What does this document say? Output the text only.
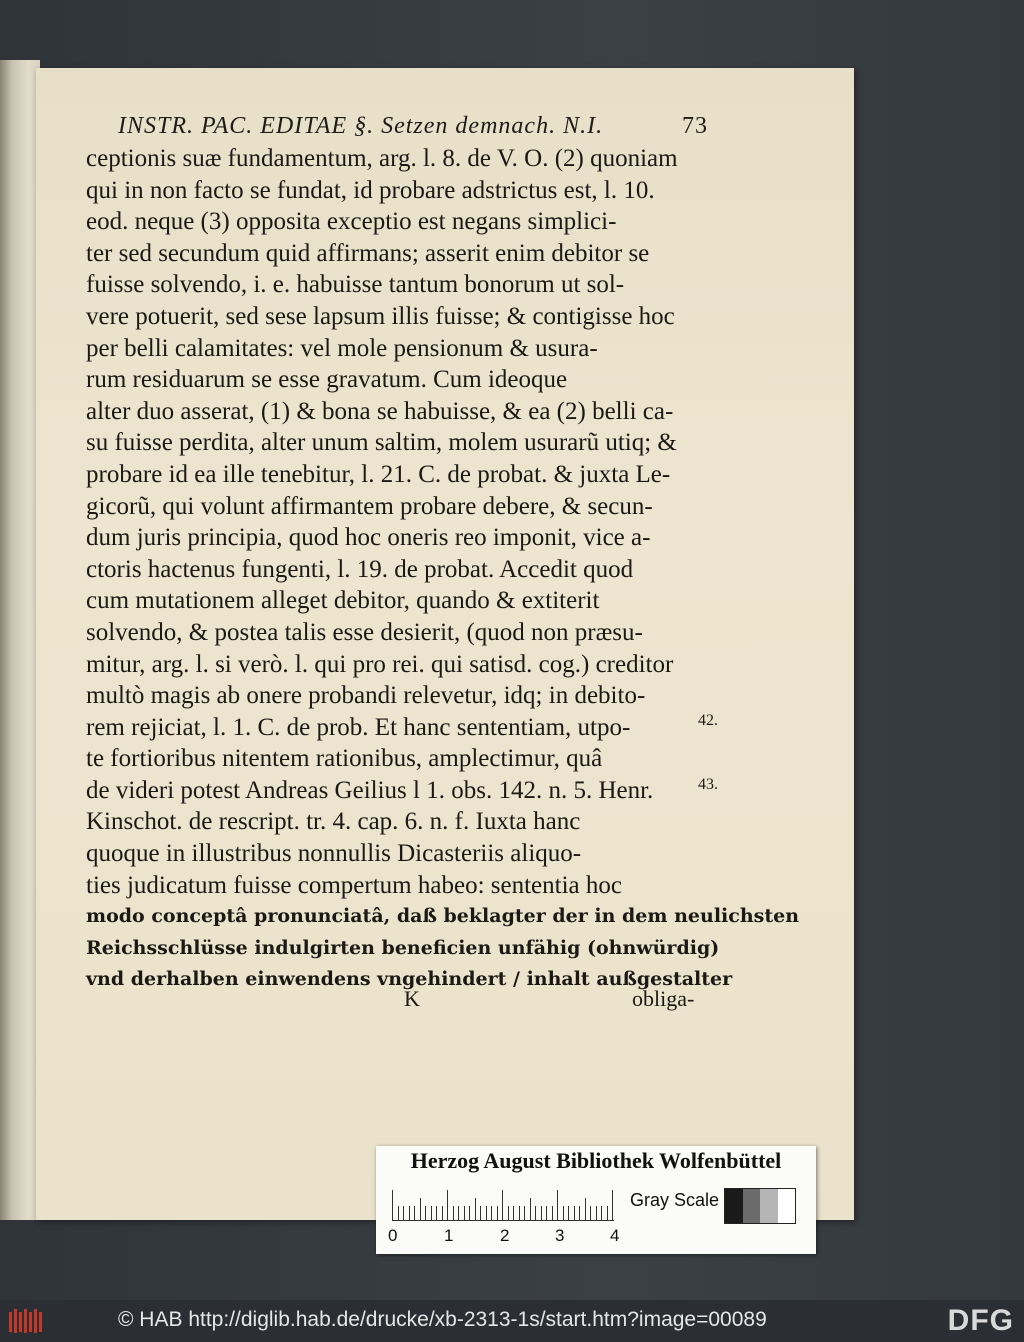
INSTR. PAC. EDITAE §. Setzen demnach. N.I.	73
ceptionis suæ fundamentum, arg. l. 8. de V. O. (2) quoniam
qui in non facto se fundat, id probare adstrictus est, l. 10.
eod. neque (3) opposita exceptio est negans simplici-
ter sed secundum quid affirmans; asserit enim debitor se
fuisse solvendo, i. e. habuisse tantum bonorum ut sol-
vere potuerit, sed sese lapsum illis fuisse; & contigisse hoc
per belli calamitates: vel mole pensionum & usura-
rum residuarum se esse gravatum. Cum ideoque
alter duo asserat, (1) & bona se habuisse, & ea (2) belli ca-
su fuisse perdita, alter unum saltim, molem usurarũ utiq; &
probare id ea ille tenebitur, l. 21. C. de probat. & juxta Le-
gicorũ, qui volunt affirmantem probare debere, & secun-
dum juris principia, quod hoc oneris reo imponit, vice a-
ctoris hactenus fungenti, l. 19. de probat. Accedit quod
cum mutationem alleget debitor, quando & extiterit
solvendo, & postea talis esse desierit, (quod non præsu-
mitur, arg. l. si verò. l. qui pro rei. qui satisd. cog.) creditor
multò magis ab onere probandi relevetur, idq; in debito-
rem rejiciat, l. 1. C. de prob. Et hanc sententiam, utpo-
te fortioribus nitentem rationibus, amplectimur, quâ
de videri potest Andreas Geilius l 1. obs. 142. n. 5. Henr.
Kinschot. de rescript. tr. 4. cap. 6. n. f. Iuxta hanc
quoque in illustribus nonnullis Dicasteriis aliquo-
ties judicatum fuisse compertum habeo: sententia hoc
modo conceptâ pronunciatâ, daß beklagter der in dem neulichsten
Reichsschlüsse indulgirten beneficien unfähig (ohnwürdig)
vnd derhalben einwendens vngehindert / inhalt außgestalter
42.
43.
K	obliga-
Herzog August Bibliothek Wolfenbüttel
0	1	2	3	4
Gray Scale
© HAB http://diglib.hab.de/drucke/xb-2313-1s/start.htm?image=00089	DFG
